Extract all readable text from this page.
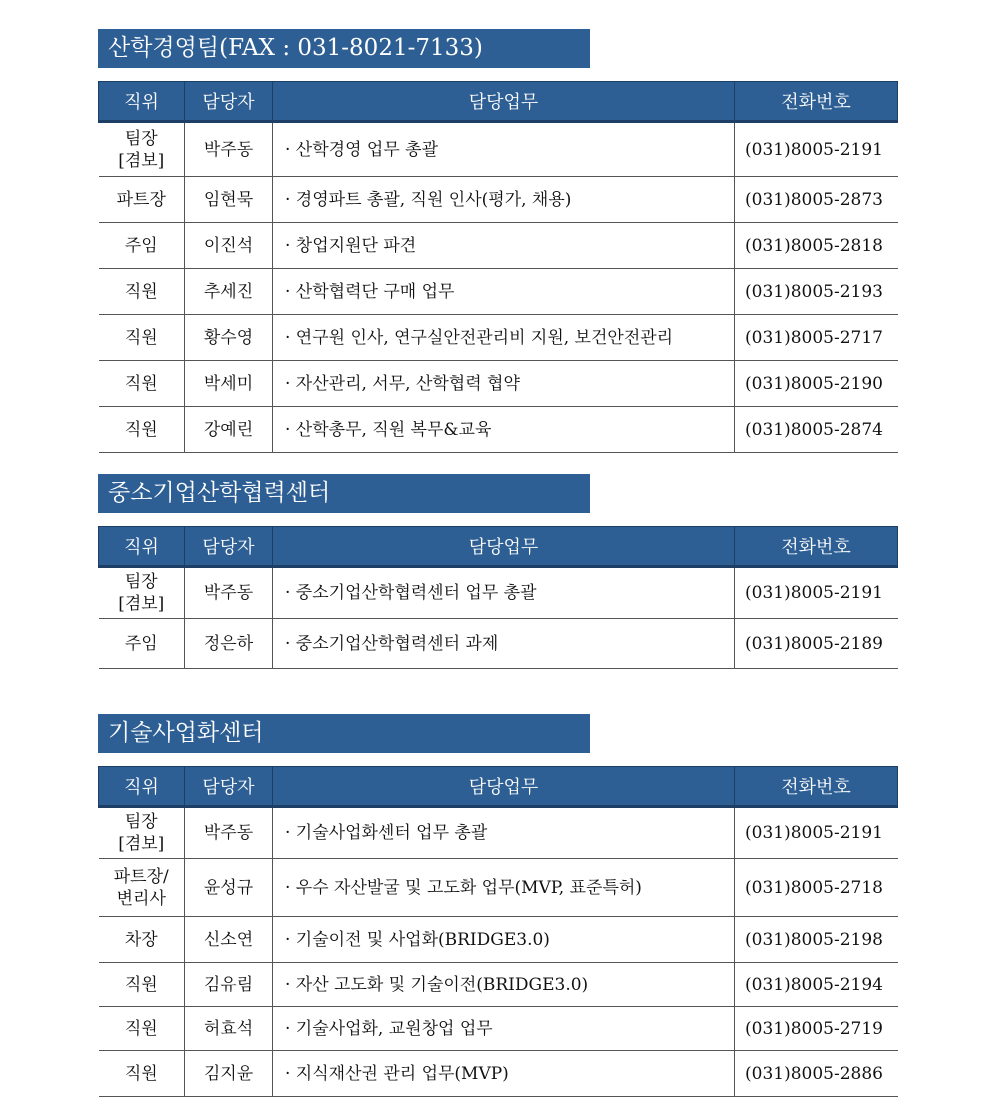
산학경영팀(FAX : 031-8021-7133)
직위	담당자	담당업무	전화번호
팀장
[겸보]	박주동	· 산학경영 업무 총괄	(031)8005-2191
파트장	임현묵	· 경영파트 총괄, 직원 인사(평가, 채용)	(031)8005-2873
주임	이진석	· 창업지원단 파견	(031)8005-2818
직원	추세진	· 산학협력단 구매 업무	(031)8005-2193
직원	황수영	· 연구원 인사, 연구실안전관리비 지원, 보건안전관리	(031)8005-2717
직원	박세미	· 자산관리, 서무, 산학협력 협약	(031)8005-2190
직원	강예린	· 산학총무, 직원 복무&교육	(031)8005-2874
중소기업산학협력센터
직위	담당자	담당업무	전화번호
팀장
[겸보]	박주동	· 중소기업산학협력센터 업무 총괄	(031)8005-2191
주임	정은하	· 중소기업산학협력센터 과제	(031)8005-2189
기술사업화센터
직위	담당자	담당업무	전화번호
팀장
[겸보]	박주동	· 기술사업화센터 업무 총괄	(031)8005-2191
파트장/
변리사	윤성규	· 우수 자산발굴 및 고도화 업무(MVP, 표준특허)	(031)8005-2718
차장	신소연	· 기술이전 및 사업화(BRIDGE3.0)	(031)8005-2198
직원	김유림	· 자산 고도화 및 기술이전(BRIDGE3.0)	(031)8005-2194
직원	허효석	· 기술사업화, 교원창업 업무	(031)8005-2719
직원	김지윤	· 지식재산권 관리 업무(MVP)	(031)8005-2886
